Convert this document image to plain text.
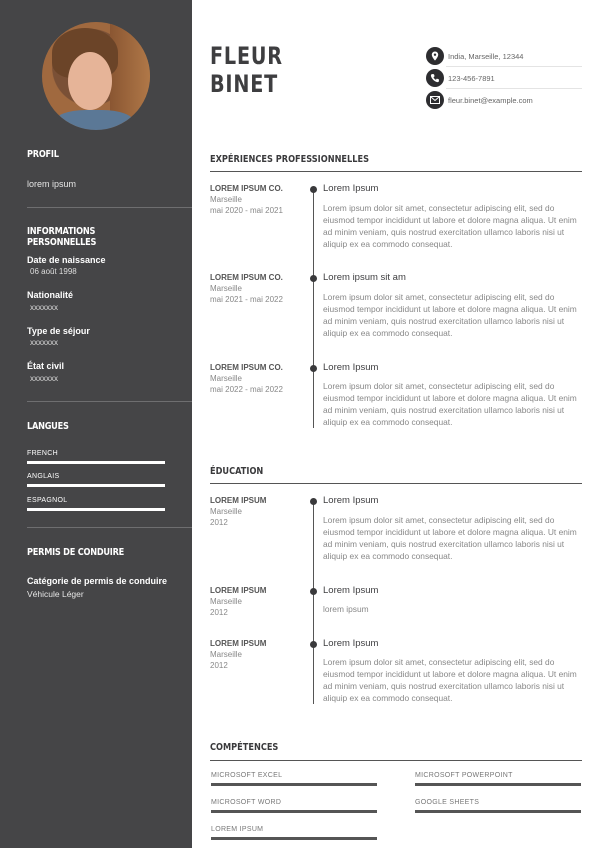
PROFIL
lorem ipsum
INFORMATIONS PERSONNELLES
Date de naissance
06 août 1998
Nationalité
xxxxxxx
Type de séjour
xxxxxxx
État civil
xxxxxxx
LANGUES
FRENCH
ANGLAIS
ESPAGNOL
PERMIS DE CONDUIRE
Catégorie de permis de conduire
Véhicule Léger
FLEUR
BINET
India, Marseille, 12344
123-456-7891
fleur.binet@example.com
EXPÉRIENCES PROFESSIONNELLES
LOREM IPSUM CO.
Marseille
mai 2020 - mai 2021
Lorem Ipsum
Lorem ipsum dolor sit amet, consectetur adipiscing elit, sed do eiusmod tempor incididunt ut labore et dolore magna aliqua. Ut enim ad minim veniam, quis nostrud exercitation ullamco laboris nisi ut aliquip ex ea commodo consequat.
LOREM IPSUM CO.
Marseille
mai 2021 - mai 2022
Lorem ipsum sit am
Lorem ipsum dolor sit amet, consectetur adipiscing elit, sed do eiusmod tempor incididunt ut labore et dolore magna aliqua. Ut enim ad minim veniam, quis nostrud exercitation ullamco laboris nisi ut aliquip ex ea commodo consequat.
LOREM IPSUM CO.
Marseille
mai 2022 - mai 2022
Lorem Ipsum
Lorem ipsum dolor sit amet, consectetur adipiscing elit, sed do eiusmod tempor incididunt ut labore et dolore magna aliqua. Ut enim ad minim veniam, quis nostrud exercitation ullamco laboris nisi ut aliquip ex ea commodo consequat.
ÉDUCATION
LOREM IPSUM
Marseille
2012
Lorem Ipsum
Lorem ipsum dolor sit amet, consectetur adipiscing elit, sed do eiusmod tempor incididunt ut labore et dolore magna aliqua. Ut enim ad minim veniam, quis nostrud exercitation ullamco laboris nisi ut aliquip ex ea commodo consequat.
LOREM IPSUM
Marseille
2012
Lorem Ipsum
lorem ipsum
LOREM IPSUM
Marseille
2012
Lorem Ipsum
Lorem ipsum dolor sit amet, consectetur adipiscing elit, sed do eiusmod tempor incididunt ut labore et dolore magna aliqua. Ut enim ad minim veniam, quis nostrud exercitation ullamco laboris nisi ut aliquip ex ea commodo consequat.
COMPÉTENCES
MICROSOFT EXCEL	MICROSOFT POWERPOINT
MICROSOFT WORD	GOOGLE SHEETS
LOREM IPSUM
